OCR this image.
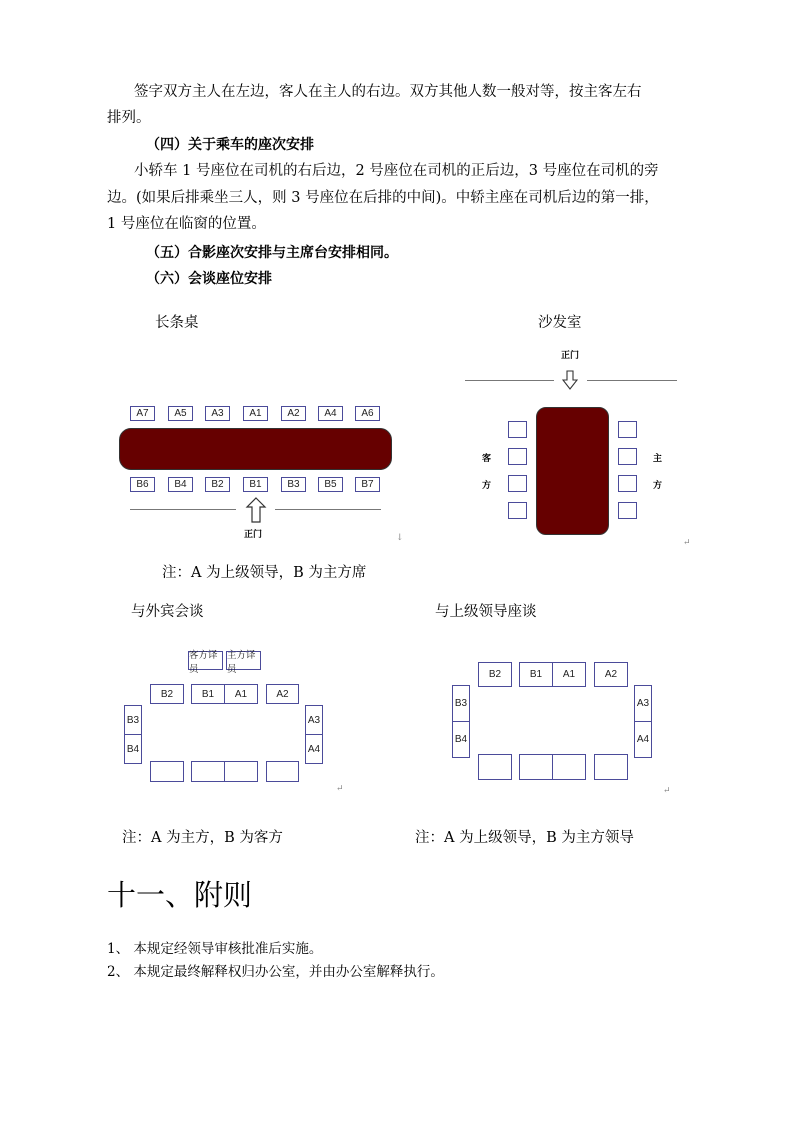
签字双方主人在左边，客人在主人的右边。双方其他人数一般对等，按主客左右
排列。
（四）关于乘车的座次安排
小轿车 1 号座位在司机的右后边，2 号座位在司机的正后边，3 号座位在司机的旁
边。(如果后排乘坐三人，则 3 号座位在后排的中间)。中轿主座在司机后边的第一排，
1 号座位在临窗的位置。
（五）合影座次安排与主席台安排相同。
（六）会谈座位安排
长条桌
A7	A5	A3	A1	A2	A4	A6
B6	B4	B2	B1	B3	B5	B7
正门	↓
注：A 为上级领导，B 为主方席
沙发室
正门
客
方
主
方
↵
与外宾会谈
客方译员
主方译员
B2	B1	A1	A2
B3
B4
A3
A4
↵
注：A 为主方，B 为客方
与上级领导座谈
B2	B1	A1	A2
B3
B4
A3
A4
↵
注：A 为上级领导，B 为主方领导
十一、附则
1、 本规定经领导审核批准后实施。
2、 本规定最终解释权归办公室，并由办公室解释执行。
